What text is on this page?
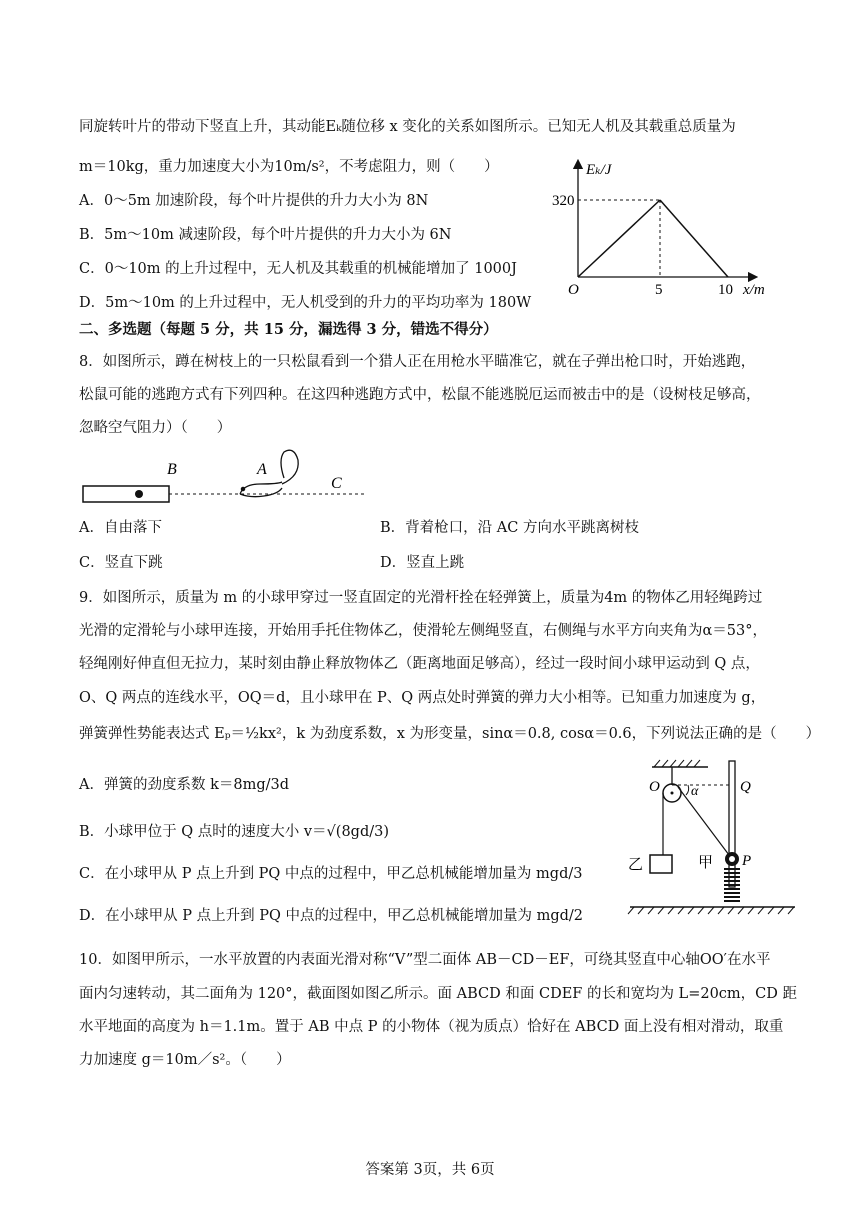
同旋转叶片的带动下竖直上升，其动能Eₖ随位移 x 变化的关系如图所示。已知无人机及其载重总质量为
m＝10kg，重力加速度大小为10m/s²，不考虑阻力，则（　　）
A．0～5m 加速阶段，每个叶片提供的升力大小为 8N
B．5m～10m 减速阶段，每个叶片提供的升力大小为 6N
C．0～10m 的上升过程中，无人机及其载重的机械能增加了 1000J
D．5m～10m 的上升过程中，无人机受到的升力的平均功率为 180W
Eₖ/J
320
O	5	10 x/m
二、多选题（每题 5 分，共 15 分，漏选得 3 分，错选不得分）
8．如图所示，蹲在树枝上的一只松鼠看到一个猎人正在用枪水平瞄准它，就在子弹出枪口时，开始逃跑，
松鼠可能的逃跑方式有下列四种。在这四种逃跑方式中，松鼠不能逃脱厄运而被击中的是（设树枝足够高，
忽略空气阻力）（　　）
B	A
C
A．自由落下	B．背着枪口，沿 AC 方向水平跳离树枝
C．竖直下跳	D．竖直上跳
9．如图所示，质量为 m 的小球甲穿过一竖直固定的光滑杆拴在轻弹簧上，质量为4m 的物体乙用轻绳跨过
光滑的定滑轮与小球甲连接，开始用手托住物体乙，使滑轮左侧绳竖直，右侧绳与水平方向夹角为α＝53°，
轻绳刚好伸直但无拉力，某时刻由静止释放物体乙（距离地面足够高），经过一段时间小球甲运动到 Q 点，
O、Q 两点的连线水平，OQ＝d，且小球甲在 P、Q 两点处时弹簧的弹力大小相等。已知重力加速度为 g，
弹簧弹性势能表达式 Eₚ＝½kx²，k 为劲度系数，x 为形变量，sinα＝0.8, cosα＝0.6，下列说法正确的是（　　）
A．弹簧的劲度系数 k＝8mg/3d
B．小球甲位于 Q 点时的速度大小 v＝√(8gd/3)
C．在小球甲从 P 点上升到 PQ 中点的过程中，甲乙总机械能增加量为 mgd/3
D．在小球甲从 P 点上升到 PQ 中点的过程中，甲乙总机械能增加量为 mgd/2
O α	Q
乙	甲 P
10．如图甲所示，一水平放置的内表面光滑对称“V”型二面体 AB－CD－EF，可绕其竖直中心轴OO′在水平
面内匀速转动，其二面角为 120°，截面图如图乙所示。面 ABCD 和面 CDEF 的长和宽均为 L=20cm，CD 距
水平地面的高度为 h＝1.1m。置于 AB 中点 P 的小物体（视为质点）恰好在 ABCD 面上没有相对滑动，取重
力加速度 g＝10m／s²。（　　）
答案第 3页，共 6页
